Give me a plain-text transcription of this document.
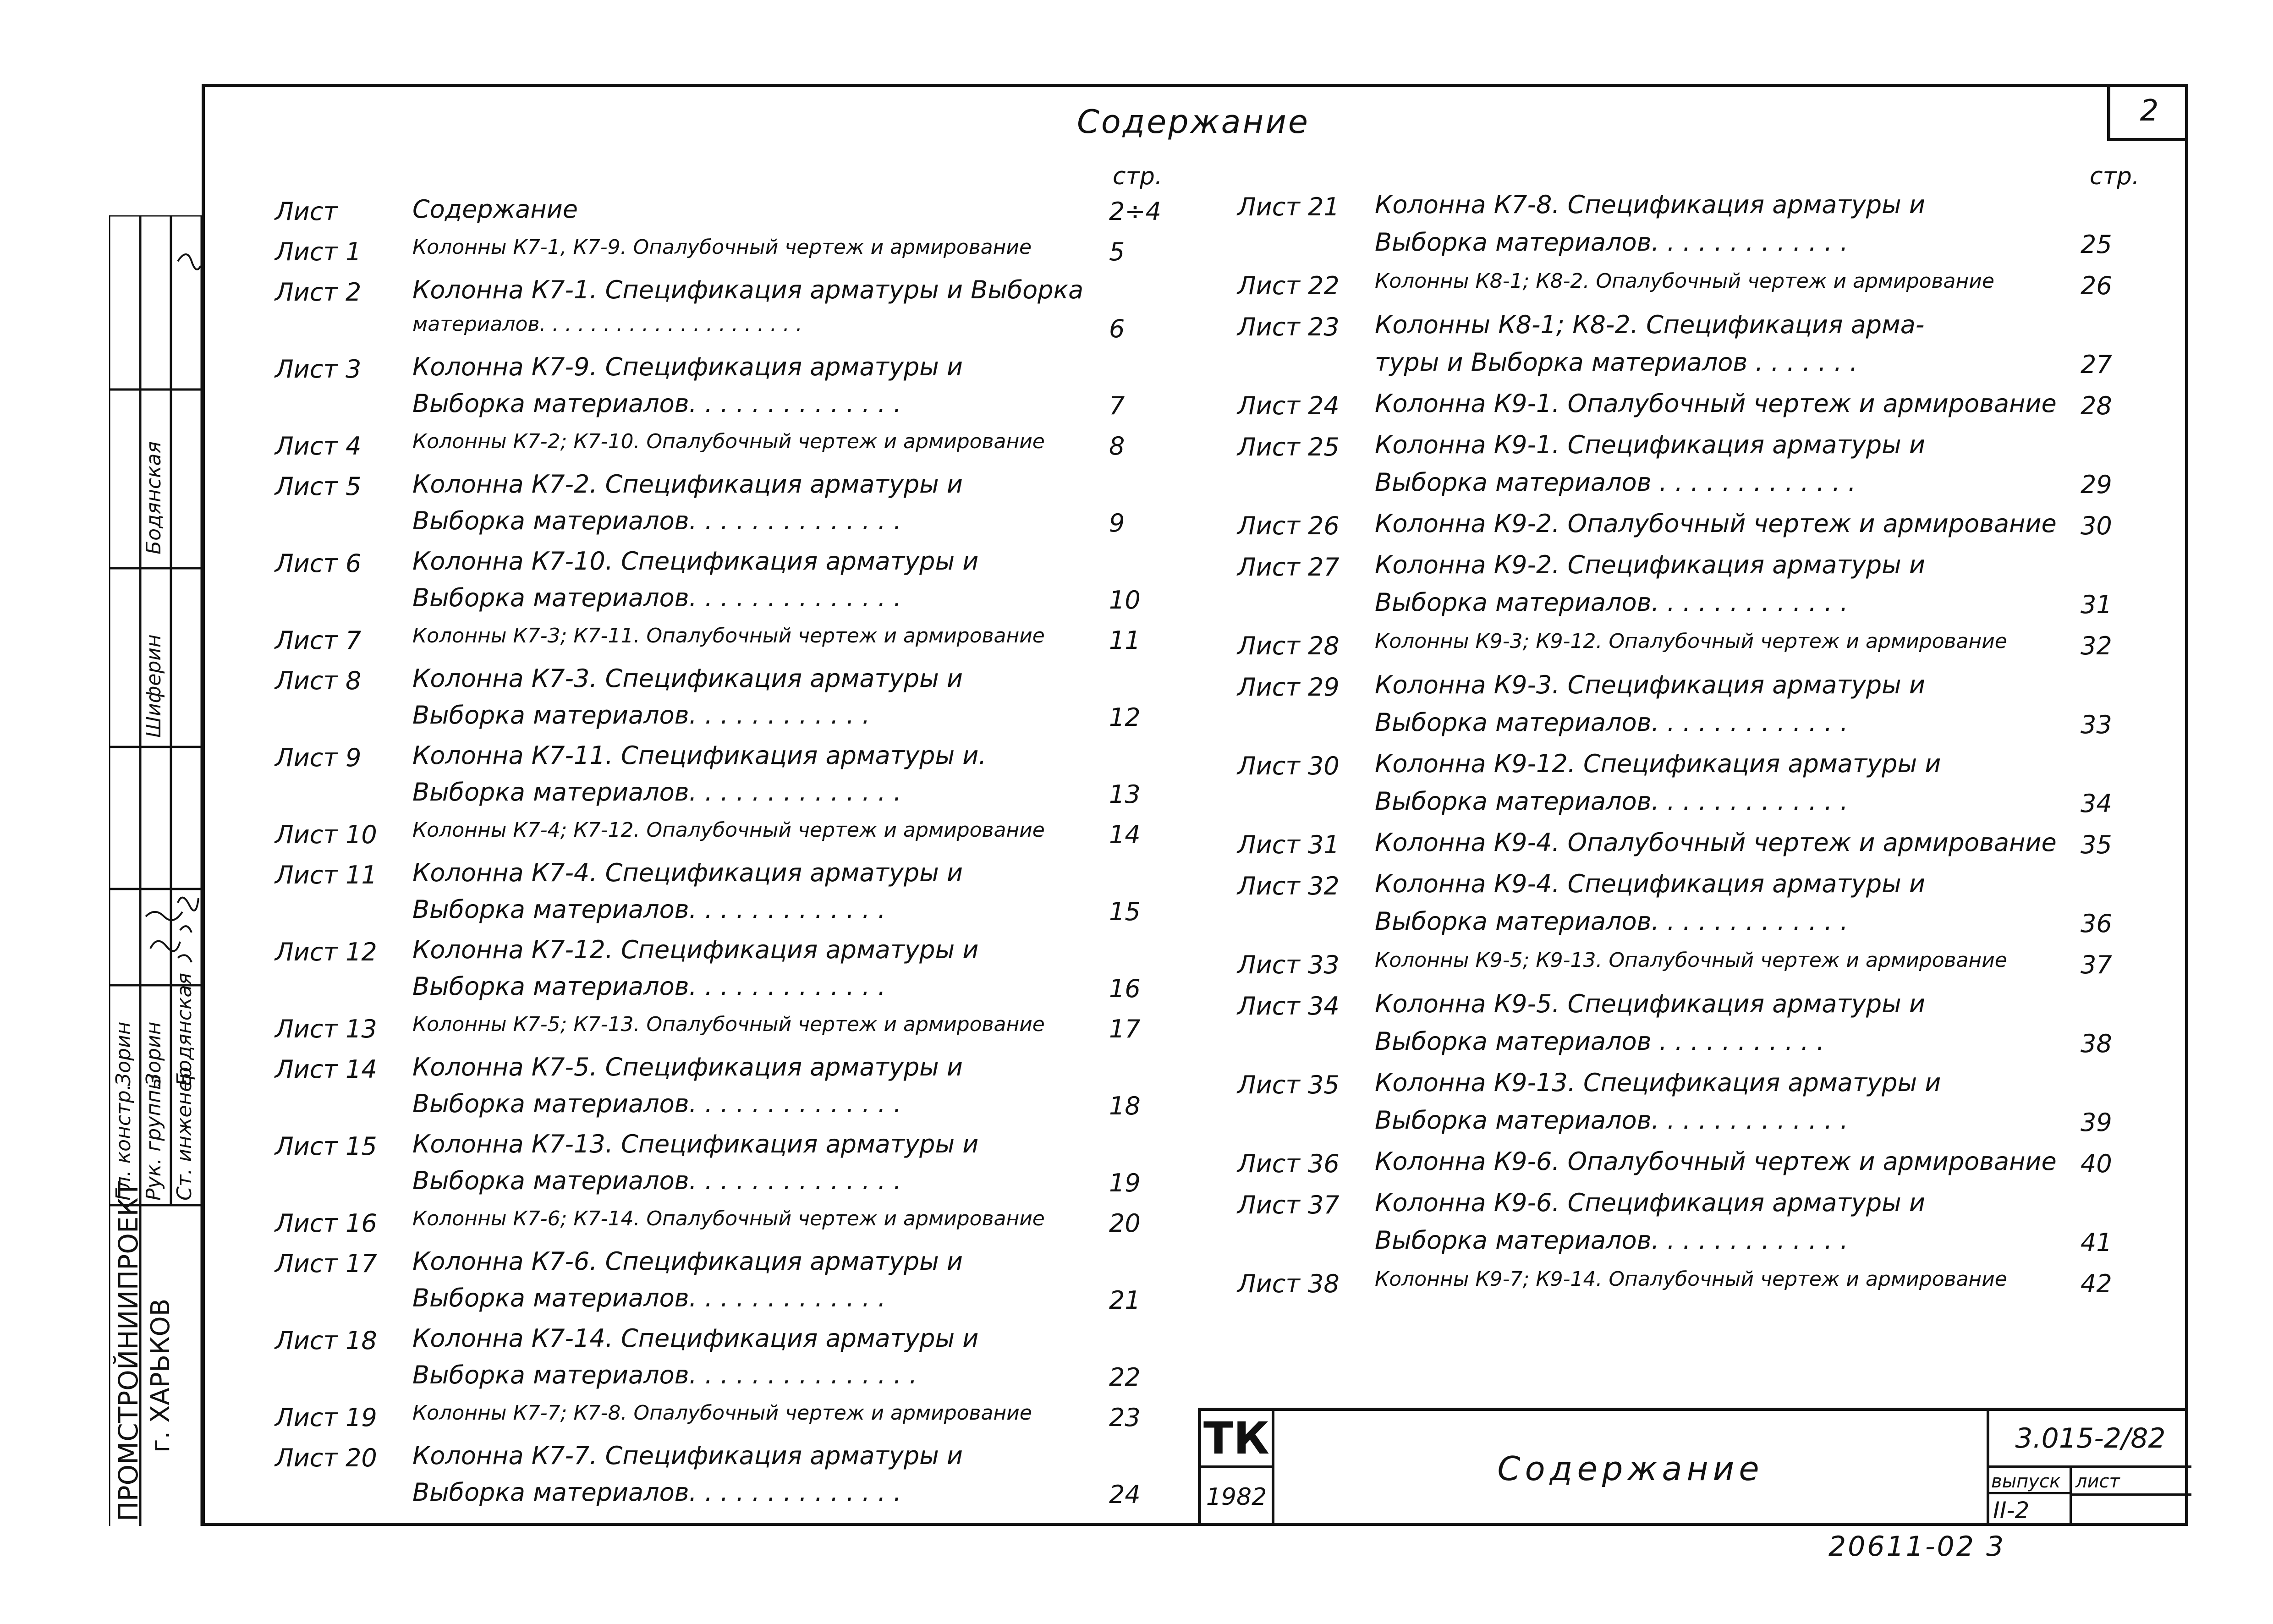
2
Содержание
стр.	стр.
Лист	Содержание	2÷4
Лист 1	Колонны К7-1, К7-9. Опалубочный чертеж и армирование	5
Лист 2 Колонна К7-1. Спецификация арматуры и Выборка
материалов. . . . . . . . . . . . . . . . . . . . .	6
Лист 3 Колонна К7-9. Спецификация арматуры и
Выборка материалов. . . . . . . . . . . . . .	7
Лист 4	Колонны К7-2; К7-10. Опалубочный чертеж и армирование	8
Лист 5 Колонна К7-2. Спецификация арматуры и
Выборка материалов. . . . . . . . . . . . . .	9
Лист 6 Колонна К7-10. Спецификация арматуры и
Выборка материалов. . . . . . . . . . . . . .	10
Лист 7	Колонны К7-3; К7-11. Опалубочный чертеж и армирование	11
Лист 8 Колонна К7-3. Спецификация арматуры и
Выборка материалов. . . . . . . . . . . .	12
Лист 9 Колонна К7-11. Спецификация арматуры и.
Выборка материалов. . . . . . . . . . . . . .	13
Лист 10 Колонны К7-4; К7-12. Опалубочный чертеж и армирование	14
Лист 11 Колонна К7-4. Спецификация арматуры и
Выборка материалов. . . . . . . . . . . . .	15
Лист 12 Колонна К7-12. Спецификация арматуры и
Выборка материалов. . . . . . . . . . . . .	16
Лист 13 Колонны К7-5; К7-13. Опалубочный чертеж и армирование	17
Лист 14 Колонна К7-5. Спецификация арматуры и
Выборка материалов. . . . . . . . . . . . . .	18
Лист 15 Колонна К7-13. Спецификация арматуры и
Выборка материалов. . . . . . . . . . . . . .	19
Лист 16 Колонны К7-6; К7-14. Опалубочный чертеж и армирование	20
Лист 17 Колонна К7-6. Спецификация арматуры и
Выборка материалов. . . . . . . . . . . . .	21
Лист 18 Колонна К7-14. Спецификация арматуры и
Выборка материалов. . . . . . . . . . . . . . .	22
Лист 19 Колонны К7-7; К7-8. Опалубочный чертеж и армирование	23
Лист 20 Колонна К7-7. Спецификация арматуры и
Выборка материалов. . . . . . . . . . . . . .	24
Лист 21 Колонна К7-8. Спецификация арматуры и
Выборка материалов. . . . . . . . . . . . .	25
Лист 22 Колонны К8-1; К8-2. Опалубочный чертеж и армирование	26
Лист 23 Колонны К8-1; К8-2. Спецификация арма-
туры и Выборка материалов . . . . . . .	27
Лист 24 Колонна К9-1. Опалубочный чертеж и армирование 28
Лист 25 Колонна К9-1. Спецификация арматуры и
Выборка материалов . . . . . . . . . . . . .	29
Лист 26 Колонна К9-2. Опалубочный чертеж и армирование 30
Лист 27 Колонна К9-2. Спецификация арматуры и
Выборка материалов. . . . . . . . . . . . .	31
Лист 28 Колонны К9-3; К9-12. Опалубочный чертеж и армирование	32
Лист 29 Колонна К9-3. Спецификация арматуры и
Выборка материалов. . . . . . . . . . . . .	33
Лист 30 Колонна К9-12. Спецификация арматуры и
Выборка материалов. . . . . . . . . . . . .	34
Лист 31 Колонна К9-4. Опалубочный чертеж и армирование 35
Лист 32 Колонна К9-4. Спецификация арматуры и
Выборка материалов. . . . . . . . . . . . .	36
Лист 33 Колонны К9-5; К9-13. Опалубочный чертеж и армирование	37
Лист 34 Колонна К9-5. Спецификация арматуры и
Выборка материалов . . . . . . . . . . .	38
Лист 35 Колонна К9-13. Спецификация арматуры и
Выборка материалов. . . . . . . . . . . . .	39
Лист 36 Колонна К9-6. Опалубочный чертеж и армирование 40
Лист 37 Колонна К9-6. Спецификация арматуры и
Выборка материалов. . . . . . . . . . . . .	41
Лист 38 Колонны К9-7; К9-14. Опалубочный чертеж и армирование	42
ПРОМСТРОЙНИИПРОЕКТ г. ХАРЬКОВ
Гл. констр. Рук. группы Ст. инженер
Зорин Зорин Бодянская
Шиферин
Бодянская
ТК
1982
Содержание
3.015-2/82
выпуск
II-2
лист
20611-02 3
